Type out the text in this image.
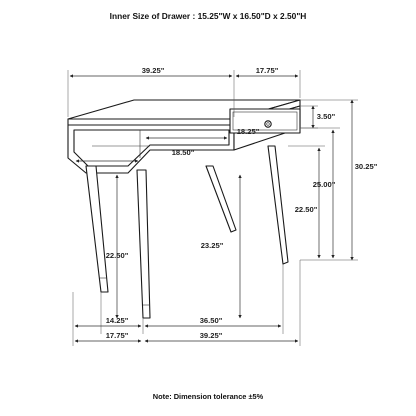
Inner Size of Drawer : 15.25"W x 16.50"D x 2.50"H
39.25"	17.75"
3.50"
18.50"
18.25"
30.25"
25.00"
22.50"
22.50"
23.25"
14.25"	36.50"
17.75"	39.25"
Note: Dimension tolerance ±5%
